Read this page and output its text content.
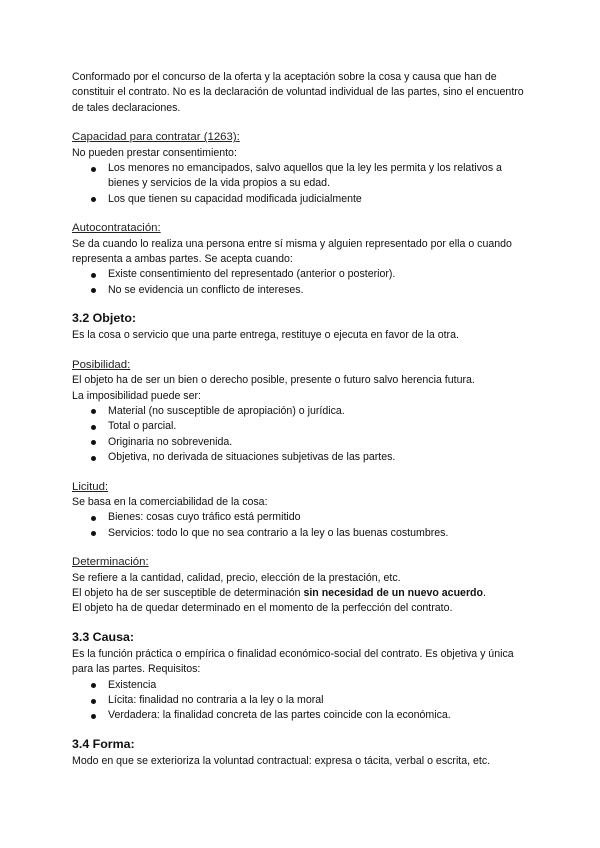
Conformado por el concurso de la oferta y la aceptación sobre la cosa y causa que han de constituir el contrato. No es la declaración de voluntad individual de las partes, sino el encuentro de tales declaraciones.

Capacidad para contratar (1263):

No pueden prestar consentimiento:

Los menores no emancipados, salvo aquellos que la ley les permita y los relativos a bienes y servicios de la vida propios a su edad.
Los que tienen su capacidad modificada judicialmente

Autocontratación:

Se da cuando lo realiza una persona entre sí misma y alguien representado por ella o cuando representa a ambas partes. Se acepta cuando:

Existe consentimiento del representado (anterior o posterior).
No se evidencia un conflicto de intereses.
3.2 Objeto:

Es la cosa o servicio que una parte entrega, restituye o ejecuta en favor de la otra.

Posibilidad:

El objeto ha de ser un bien o derecho posible, presente o futuro salvo herencia futura.

La imposibilidad puede ser:

Material (no susceptible de apropiación) o jurídica.
Total o parcial.
Originaria no sobrevenida.
Objetiva, no derivada de situaciones subjetivas de las partes.

Licitud:

Se basa en la comerciabilidad de la cosa:

Bienes: cosas cuyo tráfico está permitido
Servicios: todo lo que no sea contrario a la ley o las buenas costumbres.

Determinación:

Se refiere a la cantidad, calidad, precio, elección de la prestación, etc.

El objeto ha de ser susceptible de determinación sin necesidad de un nuevo acuerdo.

El objeto ha de quedar determinado en el momento de la perfección del contrato.

3.3 Causa:

Es la función práctica o empírica o finalidad económico-social del contrato. Es objetiva y única para las partes. Requisitos:

Existencia
Lícita: finalidad no contraria a la ley o la moral
Verdadera: la finalidad concreta de las partes coincide con la económica.
3.4 Forma:

Modo en que se exterioriza la voluntad contractual: expresa o tácita, verbal o escrita, etc.
